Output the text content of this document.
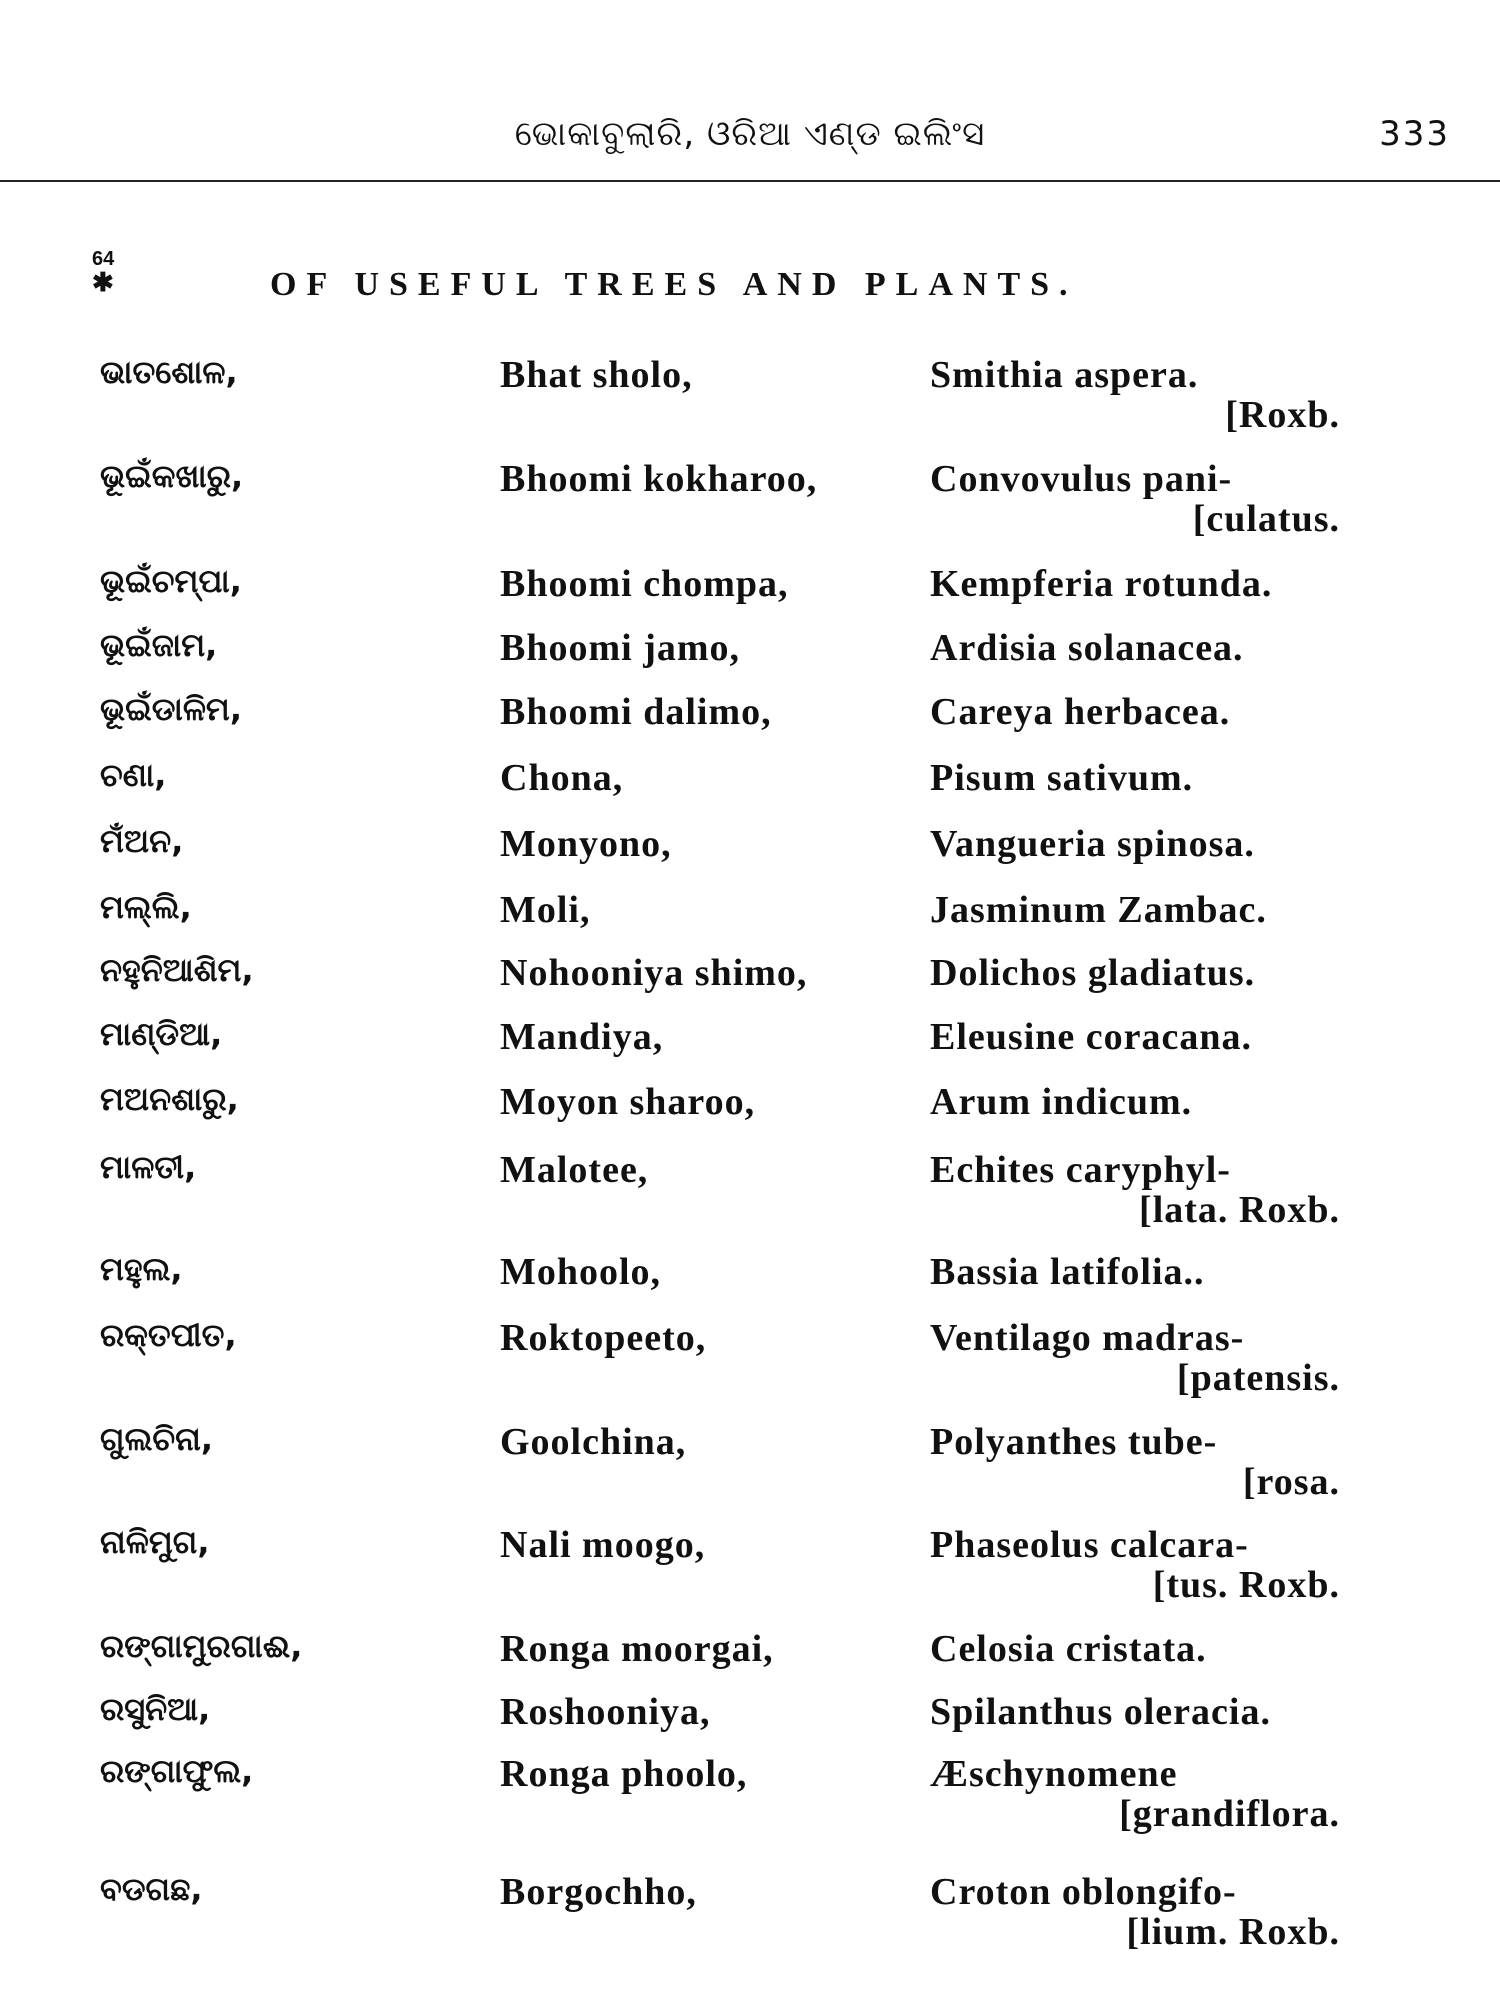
ଭୋକାବୁଲାରି, ଓରିଆ ଏଣ୍ଡ ଇଲିଂସ	333
64
✱	OF USEFUL TREES AND PLANTS.
ଭାତଶୋଳ,	Bhat sholo,	Smithia aspera.
[Roxb.
ଭୂଇଁକଖାରୁ,	Bhoomi kokharoo,	Convovulus pani-
[culatus.
ଭୂଇଁଚମ୍ପା,	Bhoomi chompa,	Kempferia rotunda.
ଭୂଇଁଜାମ,	Bhoomi jamo,	Ardisia solanacea.
ଭୂଇଁଡାଳିମ,	Bhoomi dalimo,	Careya herbacea.
ଚଣା,	Chona,	Pisum sativum.
ମଁଅନ,	Monyono,	Vangueria spinosa.
ମଲ୍ଲି,	Moli,	Jasminum Zambac.
ନହୁନିଆଶିମ,	Nohooniya shimo,	Dolichos gladiatus.
ମାଣ୍ଡିଆ,	Mandiya,	Eleusine coracana.
ମଅନଶାରୁ,	Moyon sharoo,	Arum indicum.
ମାଳତୀ,	Malotee,	Echites caryphyl-
[lata. Roxb.
ମହୁଲ,	Mohoolo,	Bassia latifolia..
ରକ୍ତପୀତ,	Roktopeeto,	Ventilago madras-
[patensis.
ଗୁଲଚିନା,	Goolchina,	Polyanthes tube-
[rosa.
ନାଳିମୁଗ,	Nali moogo,	Phaseolus calcara-
[tus. Roxb.
ରଙ୍ଗାମୁରଗାଈ,	Ronga moorgai,	Celosia cristata.
ରସୁନିଆ,	Roshooniya,	Spilanthus oleracia.
ରଙ୍ଗାଫୁଲ,	Ronga phoolo,	Æschynomene
[grandiflora.
ବଡଗଛ,	Borgochho,	Croton oblongifo-
[lium. Roxb.
